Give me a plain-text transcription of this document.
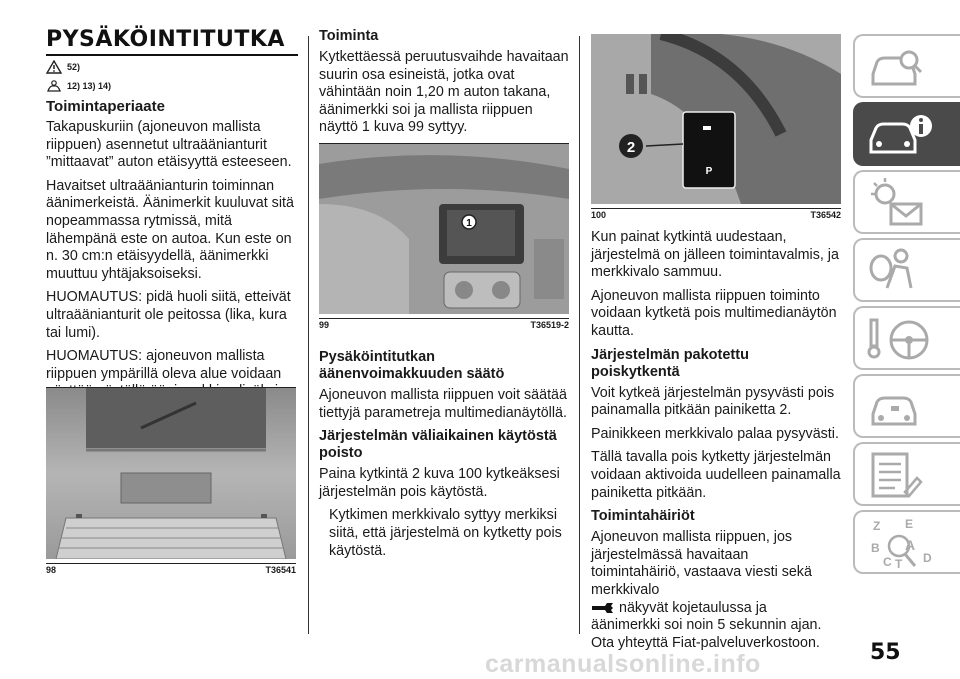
PYSÄKÖINTITUTKA
52)
12) 13) 14)
Toimintaperiaate

Takapuskuriin (ajoneuvon mallista riippuen) asennetut ultraäänianturit ”mittaavat” auton etäisyyttä esteeseen.

Havaitset ultraäänianturin toiminnan äänimerkeistä. Äänimerkit kuuluvat sitä nopeammassa rytmissä, mitä lähempänä este on autoa. Kun este on n. 30 cm:n etäisyydellä, äänimerkki muuttuu yhtäjaksoiseksi.

HUOMAUTUS: pidä huoli siitä, etteivät ultraäänianturit ole peitossa (lika, kura tai lumi).

HUOMAUTUS: ajoneuvon mallista riippuen ympärillä oleva alue voidaan

98	T36541
Toiminta

Kytkettäessä peruutusvaihde havaitaan suurin osa esineistä, jotka ovat vähintään noin 1,20 m auton takana, äänimerkki soi ja mallista riippuen näyttö 1 kuva 99 syttyy.

1
99	T36519-2
Pysäköintitutkan äänenvoimakkuuden säätö

Ajoneuvon mallista riippuen voit säätää tiettyjä parametreja multimedianäytöllä.

Järjestelmän väliaikainen käytöstä poisto

Paina kytkintä 2 kuva 100 kytkeäksesi järjestelmän pois käytöstä.

Kytkimen merkkivalo syttyy merkiksi siitä, että järjestelmä on kytketty pois käytöstä.

P
2
100	T36542

Kun painat kytkintä uudestaan, järjestelmä on jälleen toimintavalmis, ja merkkivalo sammuu.

Ajoneuvon mallista riippuen toiminto voidaan kytketä pois multimedianäytön kautta.

Järjestelmän pakotettu poiskytkentä

Voit kytkeä järjestelmän pysyvästi pois painamalla pitkään painiketta 2.

Painikkeen merkkivalo palaa pysyvästi.

Tällä tavalla pois kytketty järjestelmän voidaan aktivoida uudelleen painamalla painiketta pitkään.

Toimintahäiriöt

Ajoneuvon mallista riippuen, jos järjestelmässä havaitaan toimintahäiriö, vastaava viesti sekä merkkivalo

näkyvät kojetaulussa ja

äänimerkki soi noin 5 sekunnin ajan. Ota yhteyttä Fiat-palveluverkostoon.

Z E
A
B
C T D
55
carmanualsonline.info
